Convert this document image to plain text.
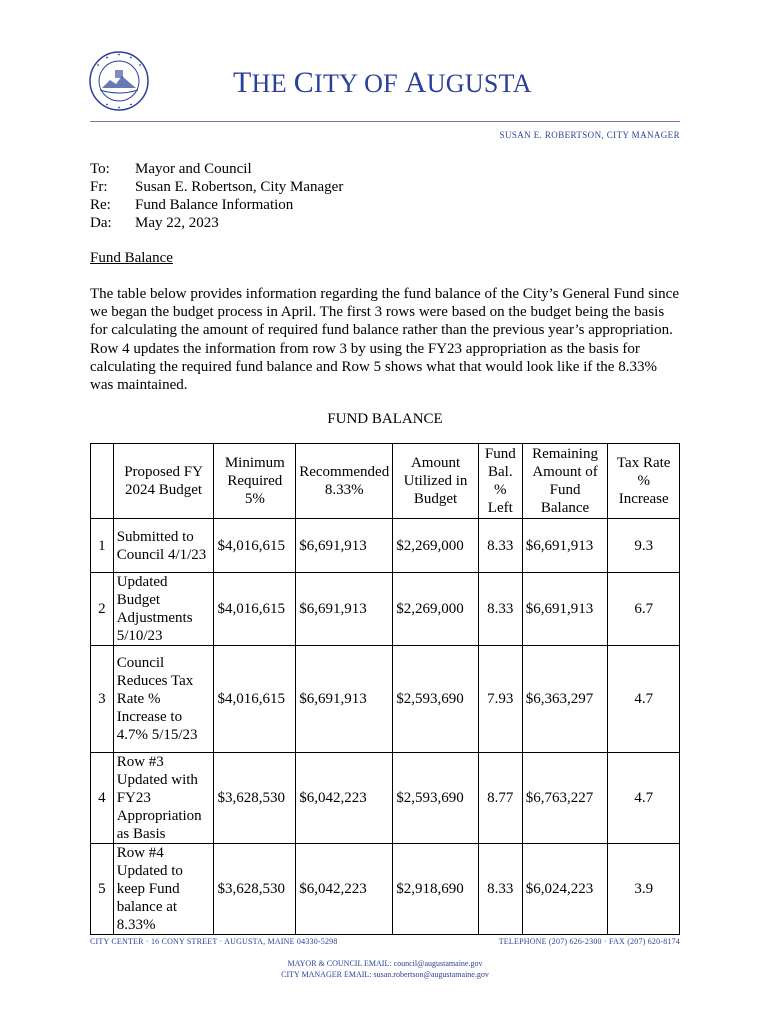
THE CITY OF AUGUSTA
SUSAN E. ROBERTSON, CITY MANAGER
To:	Mayor and Council
Fr:	Susan E. Robertson, City Manager
Re:	Fund Balance Information
Da:	May 22, 2023
Fund Balance
The table below provides information regarding the fund balance of the City’s General Fund since we began the budget process in April. The first 3 rows were based on the budget being the basis for calculating the amount of required fund balance rather than the previous year’s appropriation. Row 4 updates the information from row 3 by using the FY23 appropriation as the basis for calculating the required fund balance and Row 5 shows what that would look like if the 8.33% was maintained.
FUND BALANCE
	Proposed FY 2024 Budget	Minimum Required 5%	Recommended 8.33%	Amount Utilized in Budget	Fund Bal. % Left	Remaining Amount of Fund Balance	Tax Rate % Increase
1	Submitted to Council 4/1/23	$4,016,615	$6,691,913	$2,269,000	8.33	$6,691,913	9.3
2	Updated Budget Adjustments 5/10/23	$4,016,615	$6,691,913	$2,269,000	8.33	$6,691,913	6.7
3	Council Reduces Tax Rate % Increase to 4.7% 5/15/23	$4,016,615	$6,691,913	$2,593,690	7.93	$6,363,297	4.7
4	Row #3 Updated with FY23 Appropriation as Basis	$3,628,530	$6,042,223	$2,593,690	8.77	$6,763,227	4.7
5	Row #4 Updated to keep Fund balance at 8.33%	$3,628,530	$6,042,223	$2,918,690	8.33	$6,024,223	3.9
CITY CENTER · 16 CONY STREET · AUGUSTA, MAINE 04330-5298	TELEPHONE (207) 626-2300 · FAX (207) 620-8174
MAYOR & COUNCIL EMAIL: council@augustamaine.gov
CITY MANAGER EMAIL: susan.robertson@augustamaine.gov
